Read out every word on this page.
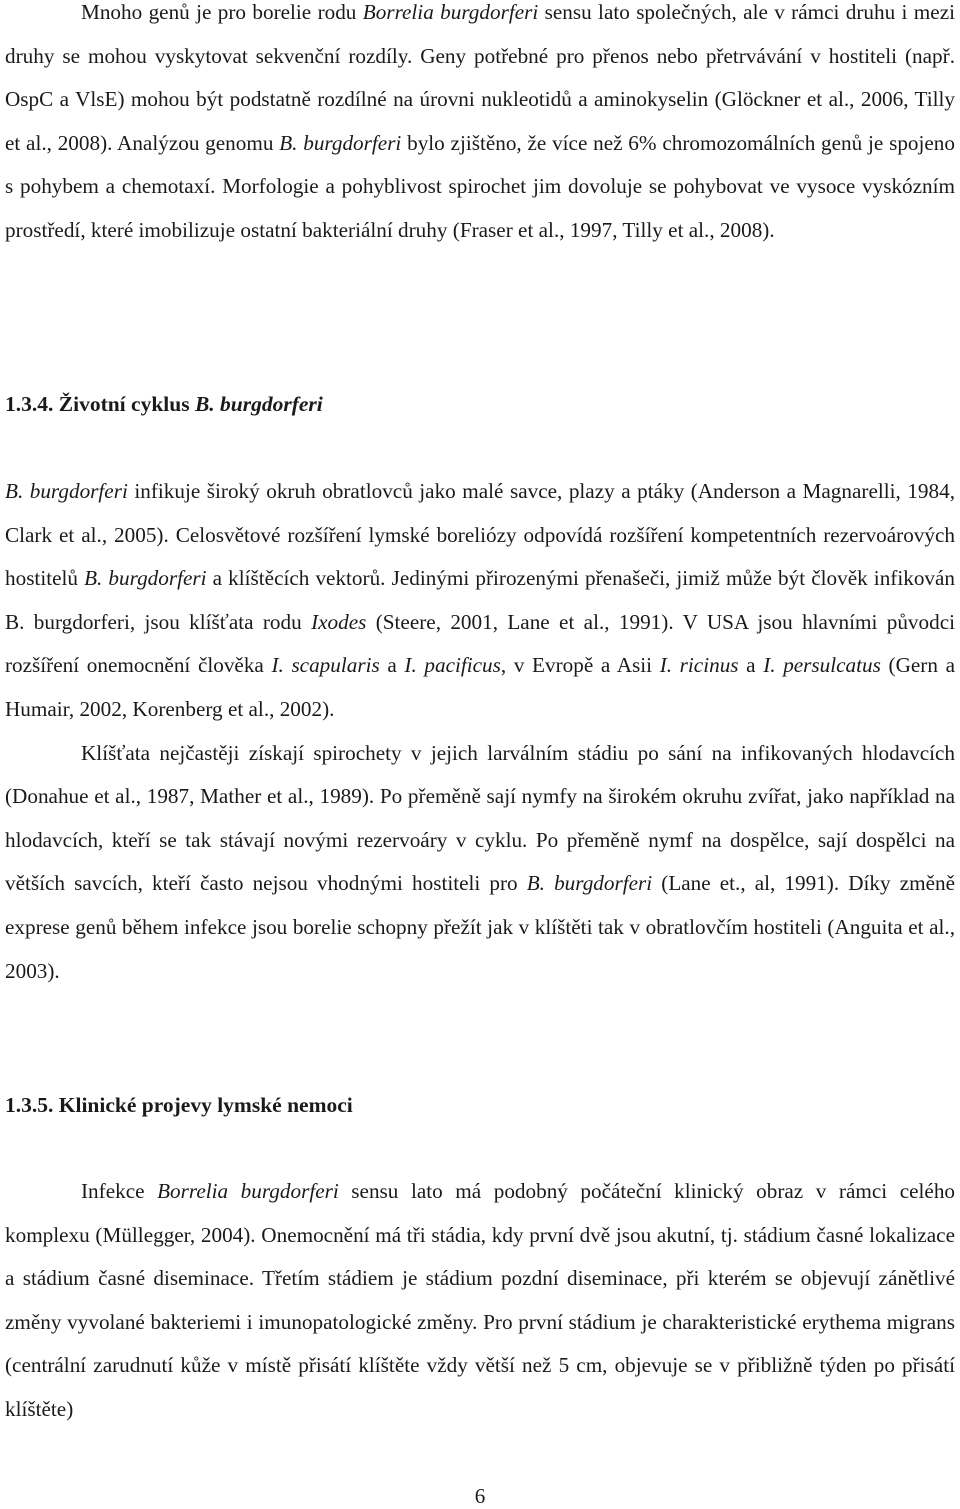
Mnoho genů je pro borelie rodu Borrelia burgdorferi sensu lato společných, ale v rámci druhu i mezi druhy se mohou vyskytovat sekvenční rozdíly. Geny potřebné pro přenos nebo přetrvávání v hostiteli (např. OspC a VlsE) mohou být podstatně rozdílné na úrovni nukleotidů a aminokyselin (Glöckner et al., 2006, Tilly et al., 2008). Analýzou genomu B. burgdorferi bylo zjištěno, že více než 6% chromozomálních genů je spojeno s pohybem a chemotaxí. Morfologie a pohyblivost spirochet jim dovoluje se pohybovat ve vysoce vyskózním prostředí, které imobilizuje ostatní bakteriální druhy (Fraser et al., 1997, Tilly et al., 2008).

1.3.4. Životní cyklus B. burgdorferi

B. burgdorferi infikuje široký okruh obratlovců jako malé savce, plazy a ptáky (Anderson a Magnarelli, 1984, Clark et al., 2005). Celosvětové rozšíření lymské boreliózy odpovídá rozšíření kompetentních rezervoárových hostitelů B. burgdorferi a klíštěcích vektorů. Jedinými přirozenými přenašeči, jimiž může být člověk infikován B. burgdorferi, jsou klíšťata rodu Ixodes (Steere, 2001, Lane et al., 1991). V USA jsou hlavními původci rozšíření onemocnění člověka I. scapularis a I. pacificus, v Evropě a Asii I. ricinus a I. persulcatus (Gern a Humair, 2002, Korenberg et al., 2002).

Klíšťata nejčastěji získají spirochety v jejich larválním stádiu po sání na infikovaných hlodavcích (Donahue et al., 1987, Mather et al., 1989). Po přeměně sají nymfy na širokém okruhu zvířat, jako například na hlodavcích, kteří se tak stávají novými rezervoáry v cyklu. Po přeměně nymf na dospělce, sají dospělci na větších savcích, kteří často nejsou vhodnými hostiteli pro B. burgdorferi (Lane et., al, 1991). Díky změně exprese genů během infekce jsou borelie schopny přežít jak v klíštěti tak v obratlovčím hostiteli (Anguita et al., 2003).

1.3.5. Klinické projevy lymské nemoci

Infekce Borrelia burgdorferi sensu lato má podobný počáteční klinický obraz v rámci celého komplexu (Müllegger, 2004). Onemocnění má tři stádia, kdy první dvě jsou akutní, tj. stádium časné lokalizace a stádium časné diseminace. Třetím stádiem je stádium pozdní diseminace, při kterém se objevují zánětlivé změny vyvolané bakteriemi i imunopatologické změny. Pro první stádium je charakteristické erythema migrans (centrální zarudnutí kůže v místě přisátí klíštěte vždy větší než 5 cm, objevuje se v přibližně týden po přisátí klíštěte)

6
